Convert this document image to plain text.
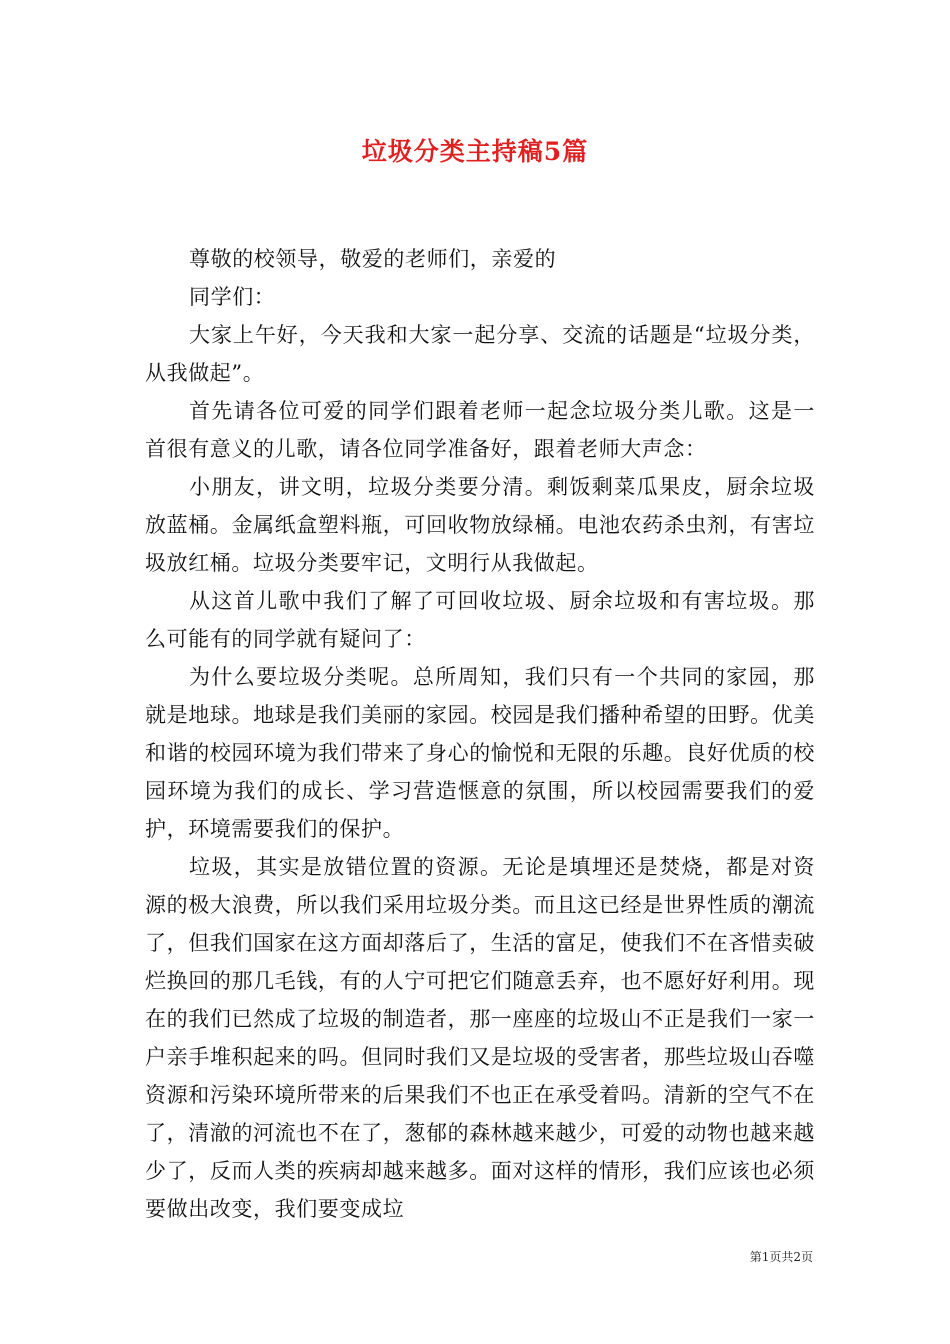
垃圾分类主持稿5篇

尊敬的校领导，敬爱的老师们，亲爱的

同学们：

大家上午好，今天我和大家一起分享、交流的话题是“垃圾分类，从我做起”。

首先请各位可爱的同学们跟着老师一起念垃圾分类儿歌。这是一首很有意义的儿歌，请各位同学准备好，跟着老师大声念：

小朋友，讲文明，垃圾分类要分清。剩饭剩菜瓜果皮，厨余垃圾放蓝桶。金属纸盒塑料瓶，可回收物放绿桶。电池农药杀虫剂，有害垃圾放红桶。垃圾分类要牢记，文明行从我做起。

从这首儿歌中我们了解了可回收垃圾、厨余垃圾和有害垃圾。那么可能有的同学就有疑问了：

为什么要垃圾分类呢。总所周知，我们只有一个共同的家园，那就是地球。地球是我们美丽的家园。校园是我们播种希望的田野。优美和谐的校园环境为我们带来了身心的愉悦和无限的乐趣。良好优质的校园环境为我们的成长、学习营造惬意的氛围，所以校园需要我们的爱护，环境需要我们的保护。

垃圾，其实是放错位置的资源。无论是填埋还是焚烧，都是对资源的极大浪费，所以我们采用垃圾分类。而且这已经是世界性质的潮流了，但我们国家在这方面却落后了，生活的富足，使我们不在吝惜卖破烂换回的那几毛钱，有的人宁可把它们随意丢弃，也不愿好好利用。现在的我们已然成了垃圾的制造者，那一座座的垃圾山不正是我们一家一户亲手堆积起来的吗。但同时我们又是垃圾的受害者，那些垃圾山吞噬资源和污染环境所带来的后果我们不也正在承受着吗。清新的空气不在了，清澈的河流也不在了，葱郁的森林越来越少，可爱的动物也越来越少了，反而人类的疾病却越来越多。面对这样的情形，我们应该也必须要做出改变，我们要变成垃

第1页共2页
